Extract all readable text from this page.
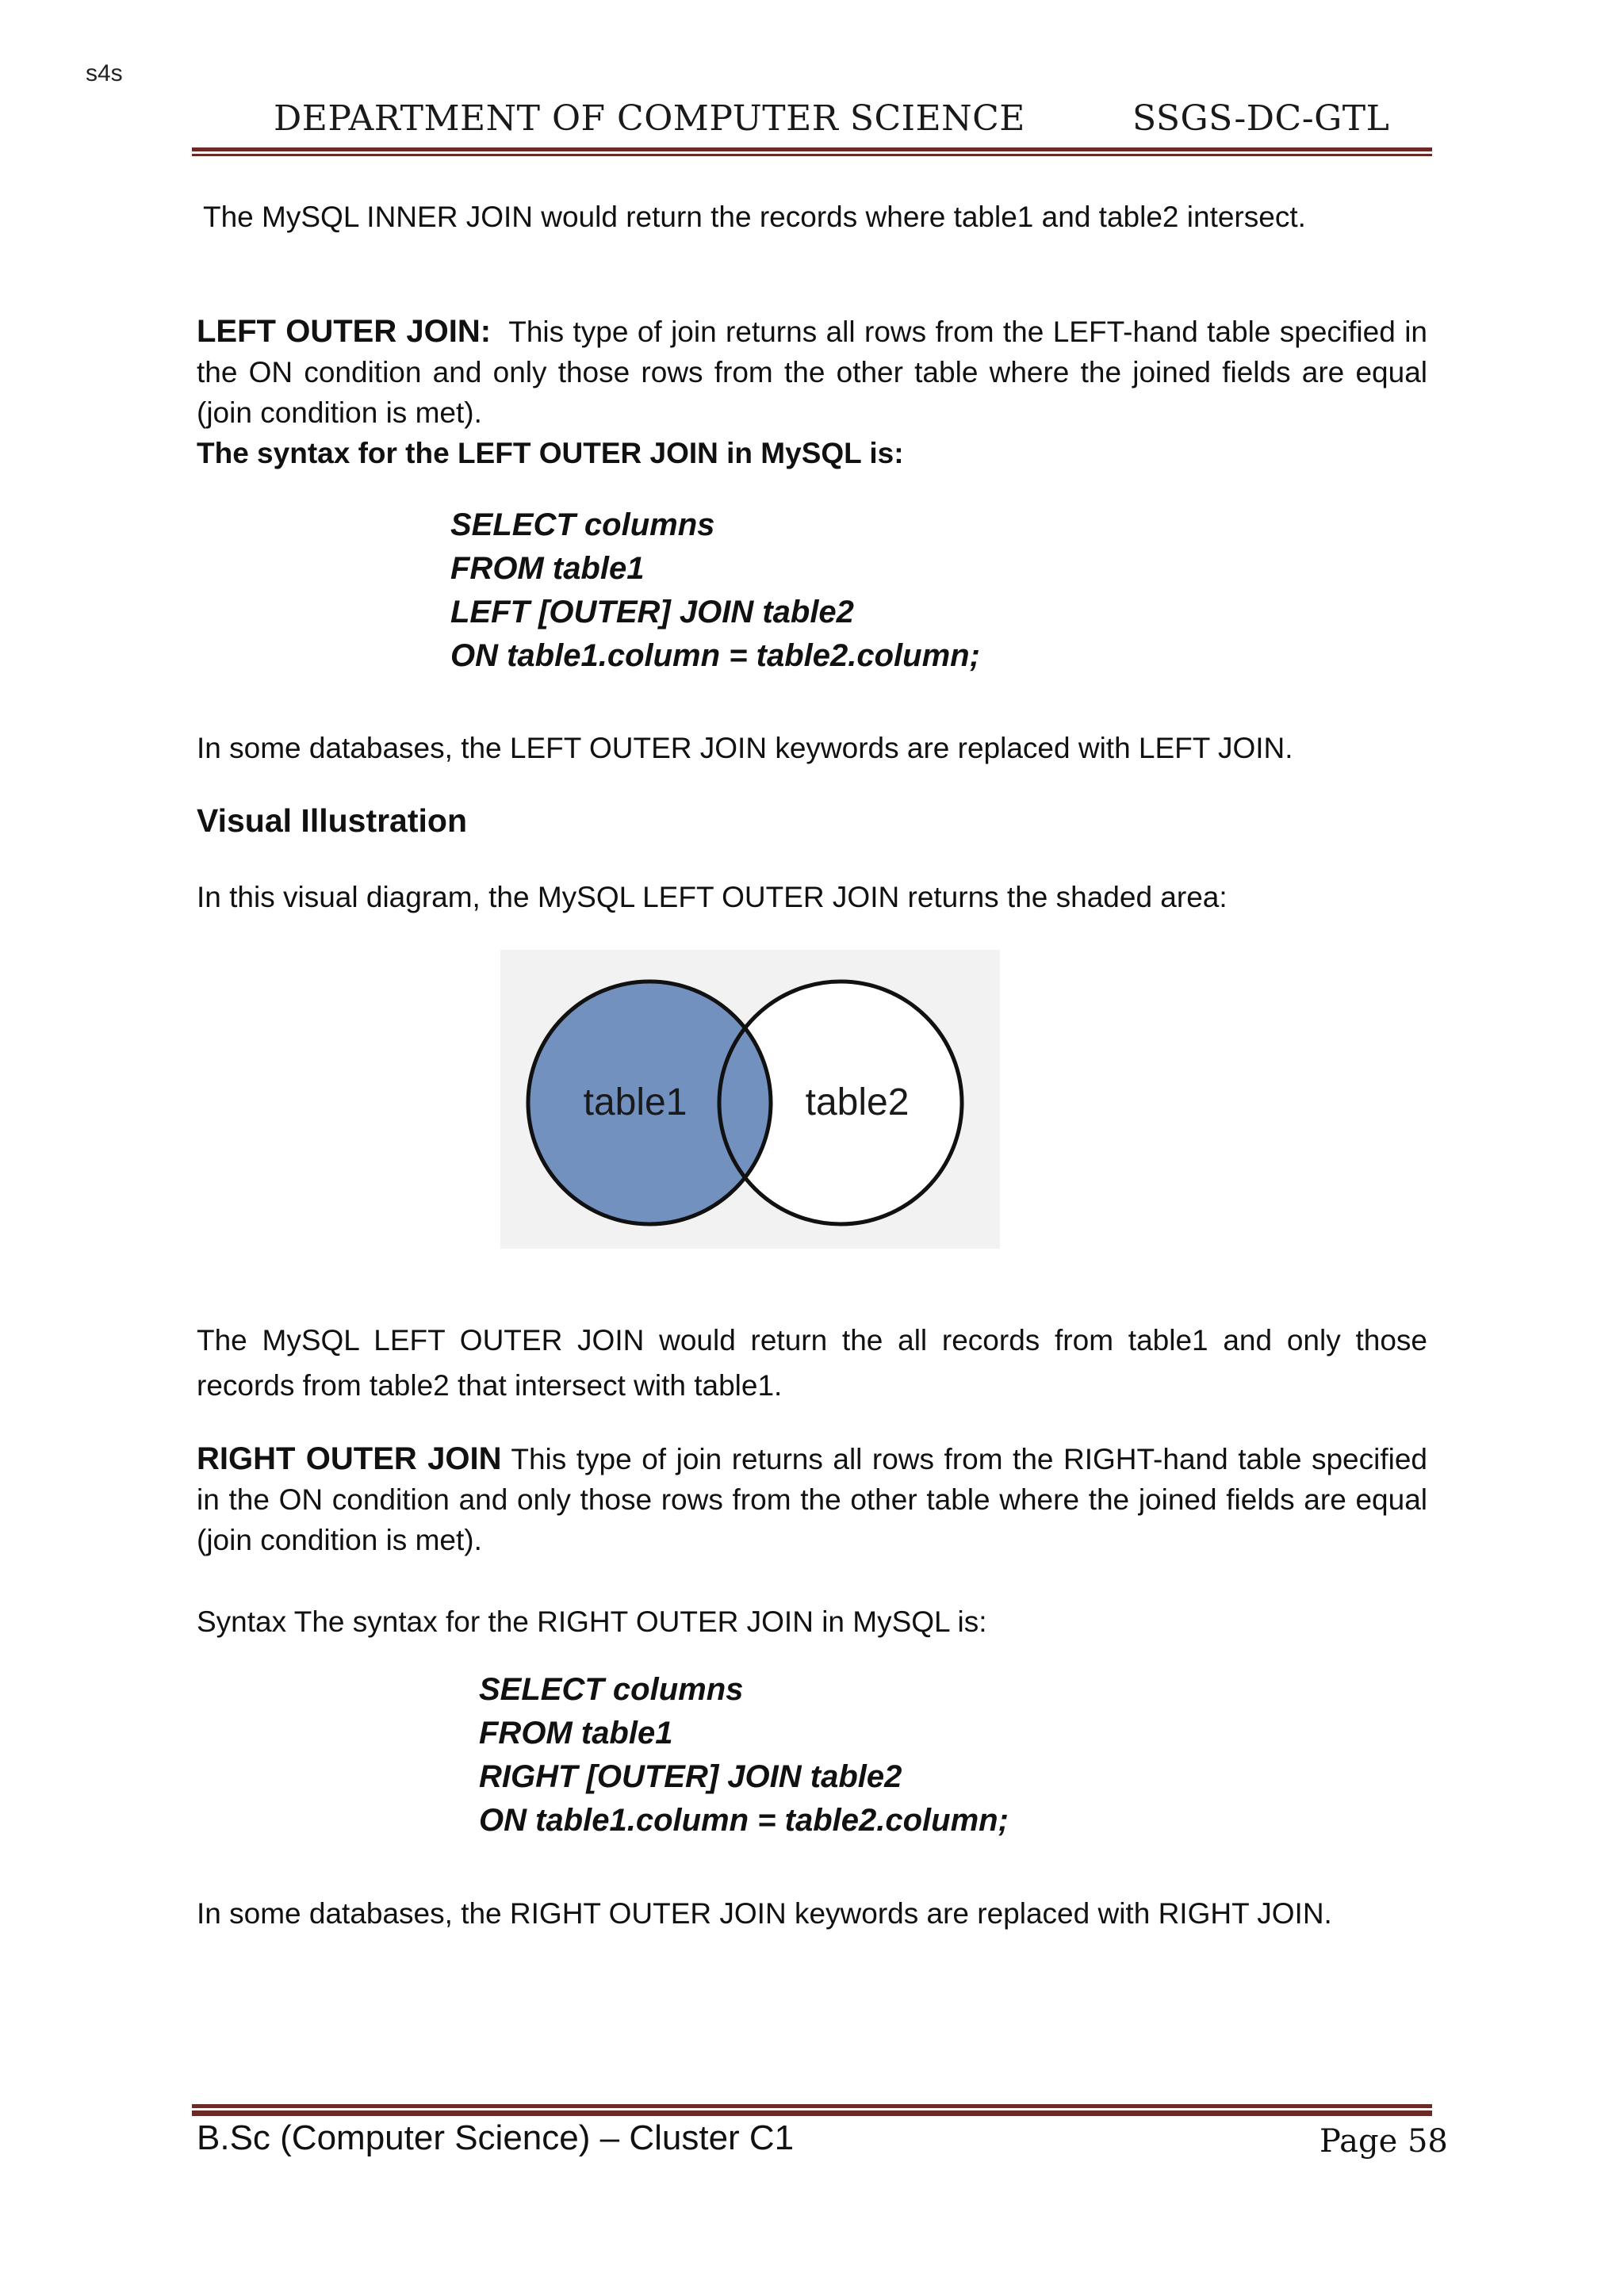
s4s
DEPARTMENT OF COMPUTER SCIENCE	SSGS-DC-GTL
The MySQL INNER JOIN would return the records where table1 and table2 intersect.
LEFT OUTER JOIN: This type of join returns all rows from the LEFT-hand table specified in the ON condition and only those rows from the other table where the joined fields are equal (join condition is met).
The syntax for the LEFT OUTER JOIN in MySQL is:
SELECT columns
FROM table1
LEFT [OUTER] JOIN table2
ON table1.column = table2.column;
In some databases, the LEFT OUTER JOIN keywords are replaced with LEFT JOIN.
Visual Illustration
In this visual diagram, the MySQL LEFT OUTER JOIN returns the shaded area:
table1	table2
The MySQL LEFT OUTER JOIN would return the all records from table1 and only those records from table2 that intersect with table1.
RIGHT OUTER JOIN This type of join returns all rows from the RIGHT-hand table specified in the ON condition and only those rows from the other table where the joined fields are equal (join condition is met).
Syntax The syntax for the RIGHT OUTER JOIN in MySQL is:
SELECT columns
FROM table1
RIGHT [OUTER] JOIN table2
ON table1.column = table2.column;
In some databases, the RIGHT OUTER JOIN keywords are replaced with RIGHT JOIN.
B.Sc (Computer Science) – Cluster C1	Page 58
